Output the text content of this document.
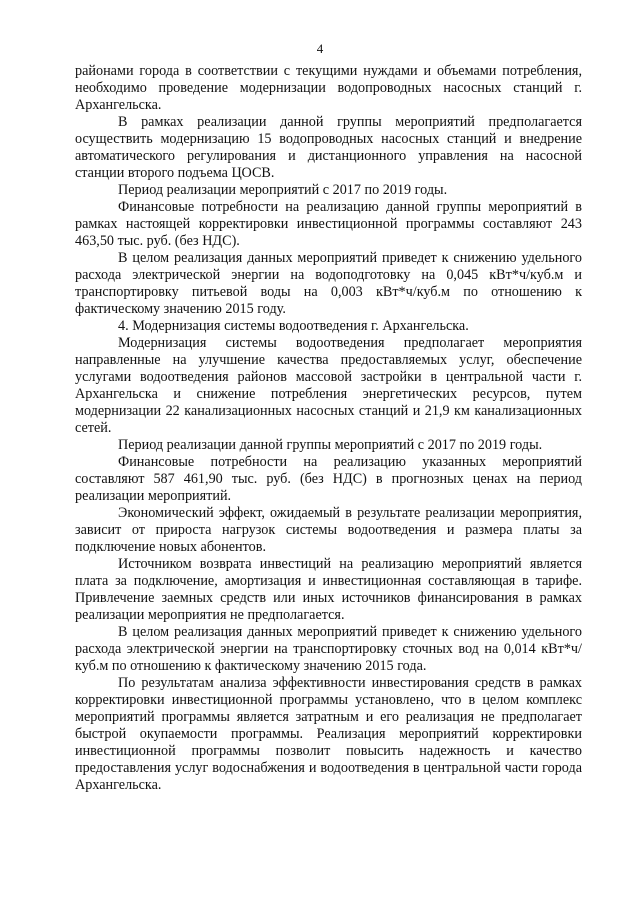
4

районами города в соответствии с текущими нуждами и объемами потребления, необходимо проведение модернизации водопроводных насосных станций г. Архангельска.

В рамках реализации данной группы мероприятий предполагается осуществить модернизацию 15 водопроводных насосных станций и внедрение автоматического регулирования и дистанционного управления на насосной станции второго подъема ЦОСВ.

Период реализации мероприятий с 2017 по 2019 годы.

Финансовые потребности на реализацию данной группы мероприятий в рамках настоящей корректировки инвестиционной программы составляют 243 463,50 тыс. руб. (без НДС).

В целом реализация данных мероприятий приведет к снижению удельного расхода электрической энергии на водоподготовку на 0,045 кВт*ч/куб.м и транспортировку питьевой воды на 0,003 кВт*ч/куб.м по отношению к фактическому значению 2015 году.

4. Модернизация системы водоотведения г. Архангельска.

Модернизация системы водоотведения предполагает мероприятия направленные на улучшение качества предоставляемых услуг, обеспечение услугами водоотведения районов массовой застройки в центральной части г. Архангельска и снижение потребления энергетических ресурсов, путем модернизации 22 канализационных насосных станций и 21,9 км канализационных сетей.

Период реализации данной группы мероприятий с 2017 по 2019 годы.

Финансовые потребности на реализацию указанных мероприятий составляют 587 461,90 тыс. руб. (без НДС) в прогнозных ценах на период реализации мероприятий.

Экономический эффект, ожидаемый в результате реализации мероприятия, зависит от прироста нагрузок системы водоотведения и размера платы за подключение новых абонентов.

Источником возврата инвестиций на реализацию мероприятий является плата за подключение, амортизация и инвестиционная составляющая в тарифе. Привлечение заемных средств или иных источников финансирования в рамках реализации мероприятия не предполагается.

В целом реализация данных мероприятий приведет к снижению удельного расхода электрической энергии на транспортировку сточных вод на 0,014 кВт*ч/куб.м по отношению к фактическому значению 2015 года.

По результатам анализа эффективности инвестирования средств в рамках корректировки инвестиционной программы установлено, что в целом комплекс мероприятий программы является затратным и его реализация не предполагает быстрой окупаемости программы. Реализация мероприятий корректировки инвестиционной программы позволит повысить надежность и качество предоставления услуг водоснабжения и водоотведения в центральной части города Архангельска.
